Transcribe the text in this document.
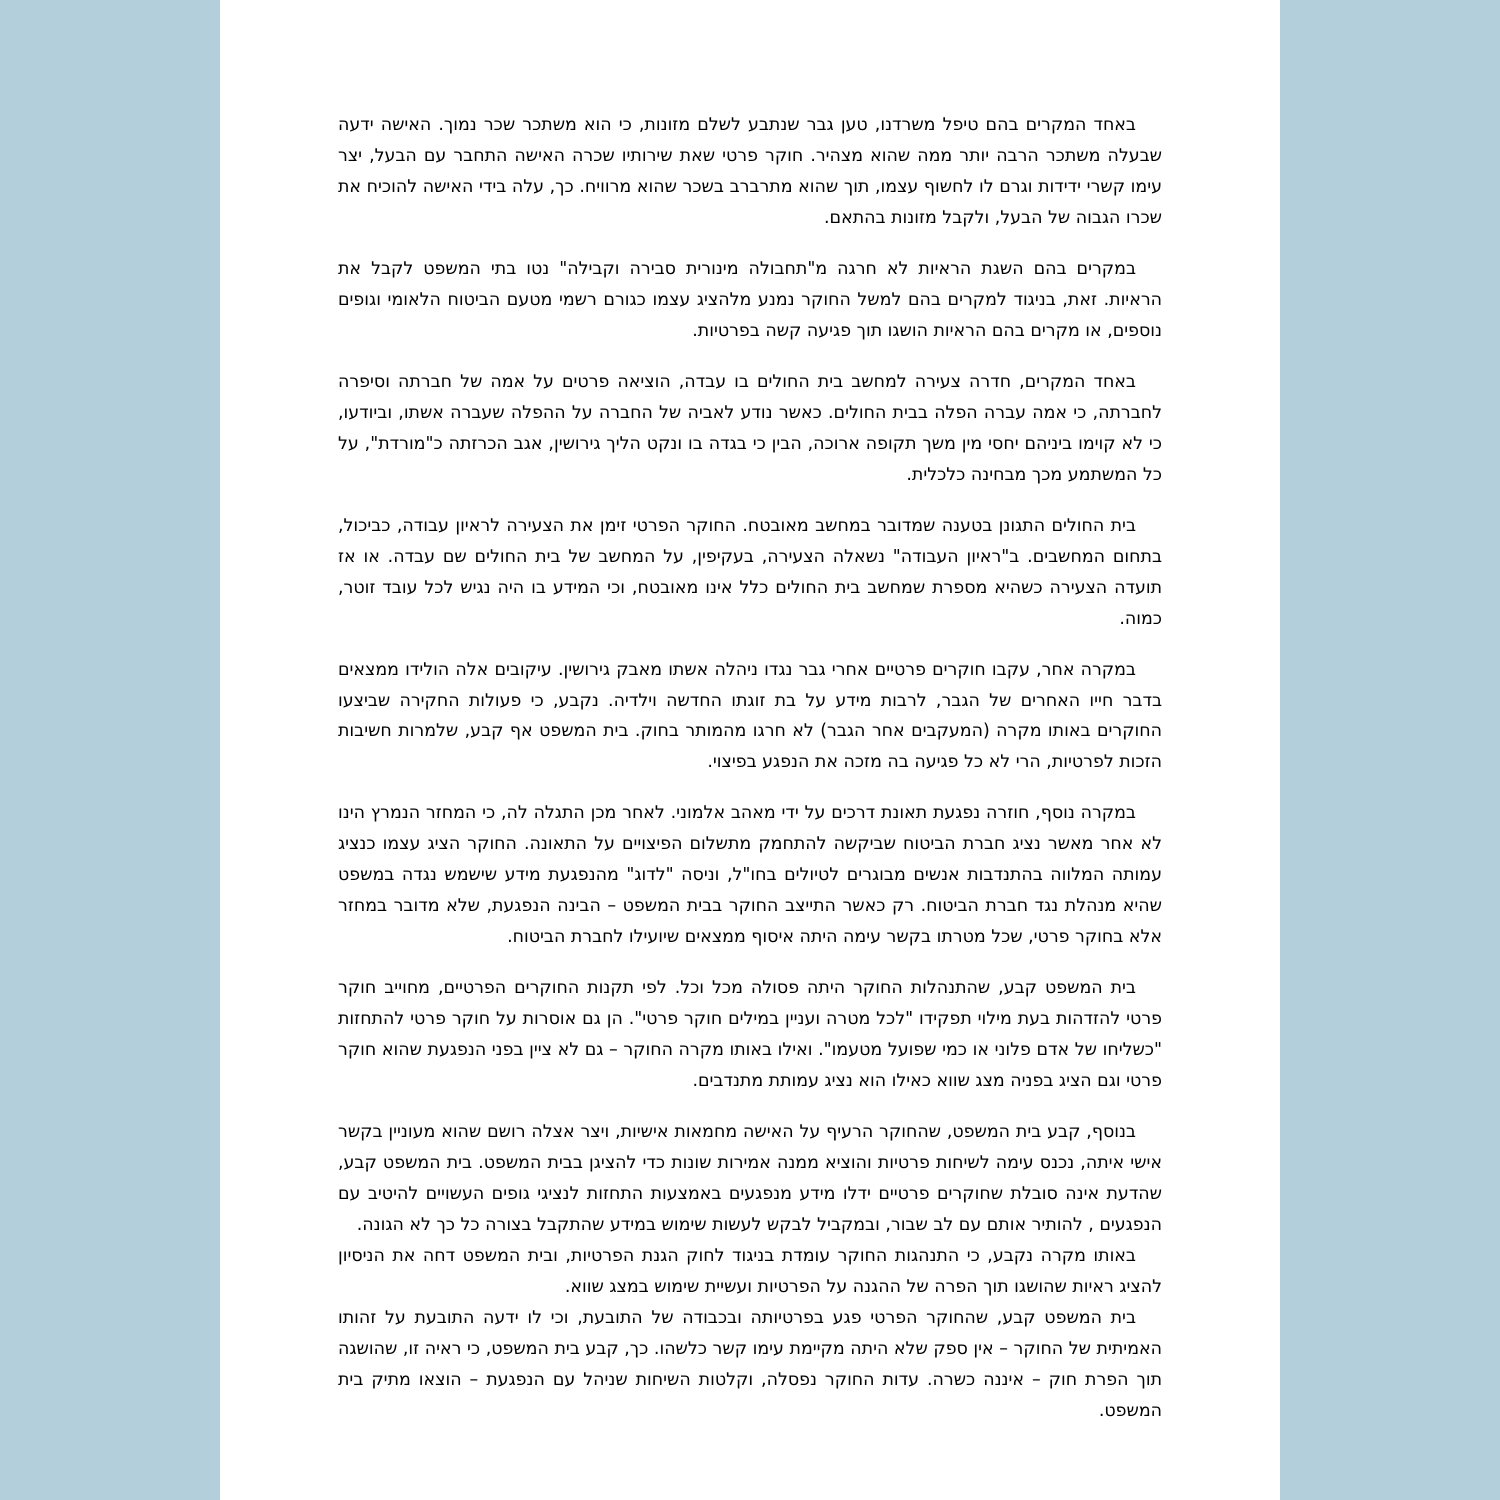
באחד המקרים בהם טיפל משרדנו, טען גבר שנתבע לשלם מזונות, כי הוא משתכר שכר נמוך. האישה ידעה שבעלה משתכר הרבה יותר ממה שהוא מצהיר. חוקר פרטי שאת שירותיו שכרה האישה התחבר עם הבעל, יצר עימו קשרי ידידות וגרם לו לחשוף עצמו, תוך שהוא מתרברב בשכר שהוא מרוויח. כך, עלה בידי האישה להוכיח את שכרו הגבוה של הבעל, ולקבל מזונות בהתאם.

במקרים בהם השגת הראיות לא חרגה מ"תחבולה מינורית סבירה וקבילה" נטו בתי המשפט לקבל את הראיות. זאת, בניגוד למקרים בהם למשל החוקר נמנע מלהציג עצמו כגורם רשמי מטעם הביטוח הלאומי וגופים נוספים, או מקרים בהם הראיות הושגו תוך פגיעה קשה בפרטיות.

באחד המקרים, חדרה צעירה למחשב בית החולים בו עבדה, הוציאה פרטים על אמה של חברתה וסיפרה לחברתה, כי אמה עברה הפלה בבית החולים. כאשר נודע לאביה של החברה על ההפלה שעברה אשתו, וביודעו, כי לא קוימו ביניהם יחסי מין משך תקופה ארוכה, הבין כי בגדה בו ונקט הליך גירושין, אגב הכרזתה כ"מורדת", על כל המשתמע מכך מבחינה כלכלית.

בית החולים התגונן בטענה שמדובר במחשב מאובטח. החוקר הפרטי זימן את הצעירה לראיון עבודה, כביכול, בתחום המחשבים. ב"ראיון העבודה" נשאלה הצעירה, בעקיפין, על המחשב של בית החולים שם עבדה. או אז תועדה הצעירה כשהיא מספרת שמחשב בית החולים כלל אינו מאובטח, וכי המידע בו היה נגיש לכל עובד זוטר, כמוה.

במקרה אחר, עקבו חוקרים פרטיים אחרי גבר נגדו ניהלה אשתו מאבק גירושין. עיקובים אלה הולידו ממצאים בדבר חייו האחרים של הגבר, לרבות מידע על בת זוגתו החדשה וילדיה. נקבע, כי פעולות החקירה שביצעו החוקרים באותו מקרה (המעקבים אחר הגבר) לא חרגו מהמותר בחוק. בית המשפט אף קבע, שלמרות חשיבות הזכות לפרטיות, הרי לא כל פגיעה בה מזכה את הנפגע בפיצוי.

במקרה נוסף, חוזרה נפגעת תאונת דרכים על ידי מאהב אלמוני. לאחר מכן התגלה לה, כי המחזר הנמרץ הינו לא אחר מאשר נציג חברת הביטוח שביקשה להתחמק מתשלום הפיצויים על התאונה. החוקר הציג עצמו כנציג עמותה המלווה בהתנדבות אנשים מבוגרים לטיולים בחו"ל, וניסה "לדוג" מהנפגעת מידע שישמש נגדה במשפט שהיא מנהלת נגד חברת הביטוח. רק כאשר התייצב החוקר בבית המשפט – הבינה הנפגעת, שלא מדובר במחזר אלא בחוקר פרטי, שכל מטרתו בקשר עימה היתה איסוף ממצאים שיועילו לחברת הביטוח.

בית המשפט קבע, שהתנהלות החוקר היתה פסולה מכל וכל. לפי תקנות החוקרים הפרטיים, מחוייב חוקר פרטי להזדהות בעת מילוי תפקידו "לכל מטרה ועניין במילים חוקר פרטי". הן גם אוסרות על חוקר פרטי להתחזות "כשליחו של אדם פלוני או כמי שפועל מטעמו". ואילו באותו מקרה החוקר – גם לא ציין בפני הנפגעת שהוא חוקר פרטי וגם הציג בפניה מצג שווא כאילו הוא נציג עמותת מתנדבים.

בנוסף, קבע בית המשפט, שהחוקר הרעיף על האישה מחמאות אישיות, ויצר אצלה רושם שהוא מעוניין בקשר אישי איתה, נכנס עימה לשיחות פרטיות והוציא ממנה אמירות שונות כדי להציגן בבית המשפט. בית המשפט קבע, שהדעת אינה סובלת שחוקרים פרטיים ידלו מידע מנפגעים באמצעות התחזות לנציגי גופים העשויים להיטיב עם הנפגעים , להותיר אותם עם לב שבור, ובמקביל לבקש לעשות שימוש במידע שהתקבל בצורה כל כך לא הגונה.

באותו מקרה נקבע, כי התנהגות החוקר עומדת בניגוד לחוק הגנת הפרטיות, ובית המשפט דחה את הניסיון להציג ראיות שהושגו תוך הפרה של ההגנה על הפרטיות ועשיית שימוש במצג שווא.

בית המשפט קבע, שהחוקר הפרטי פגע בפרטיותה ובכבודה של התובעת, וכי לו ידעה התובעת על זהותו האמיתית של החוקר – אין ספק שלא היתה מקיימת עימו קשר כלשהו. כך, קבע בית המשפט, כי ראיה זו, שהושגה תוך הפרת חוק – איננה כשרה. עדות החוקר נפסלה, וקלטות השיחות שניהל עם הנפגעת – הוצאו מתיק בית המשפט.
